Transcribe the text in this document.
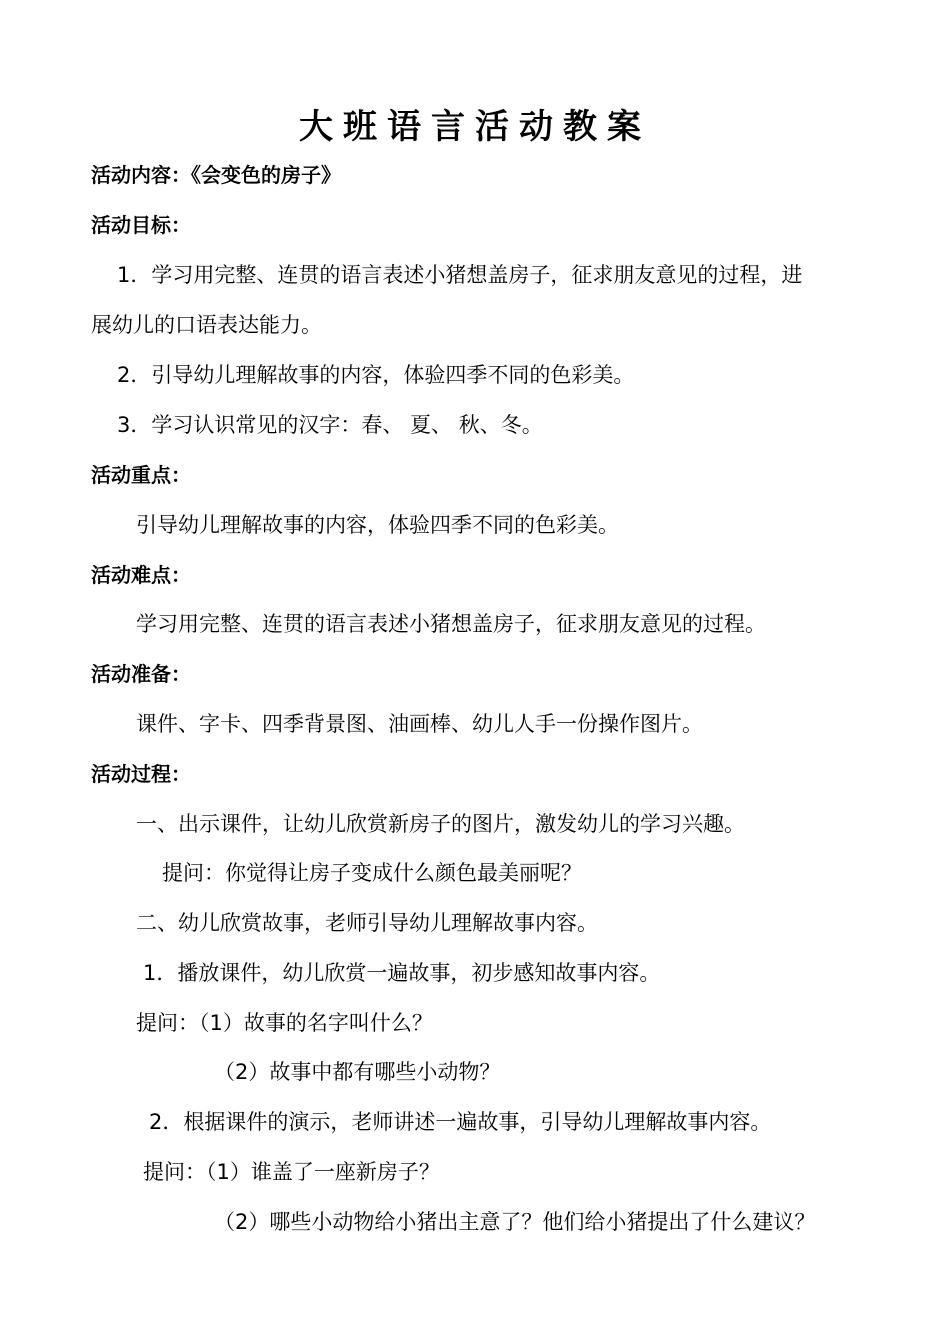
大班语言活动教案
活动内容：《会变色的房子》
活动目标：
1．学习用完整、连贯的语言表述小猪想盖房子，征求朋友意见的过程，进
展幼儿的口语表达能力。
2．引导幼儿理解故事的内容，体验四季不同的色彩美。
3．学习认识常见的汉字：春、 夏、 秋、冬。
活动重点：
引导幼儿理解故事的内容，体验四季不同的色彩美。
活动难点：
学习用完整、连贯的语言表述小猪想盖房子，征求朋友意见的过程。
活动准备：
课件、字卡、四季背景图、油画棒、幼儿人手一份操作图片。
活动过程：
一、出示课件，让幼儿欣赏新房子的图片，激发幼儿的学习兴趣。
提问：你觉得让房子变成什么颜色最美丽呢？
二、幼儿欣赏故事，老师引导幼儿理解故事内容。
1．播放课件，幼儿欣赏一遍故事，初步感知故事内容。
提问：（1）故事的名字叫什么？
（2）故事中都有哪些小动物？
2．根据课件的演示，老师讲述一遍故事，引导幼儿理解故事内容。
提问：（1）谁盖了一座新房子？
（2）哪些小动物给小猪出主意了？他们给小猪提出了什么建议？
